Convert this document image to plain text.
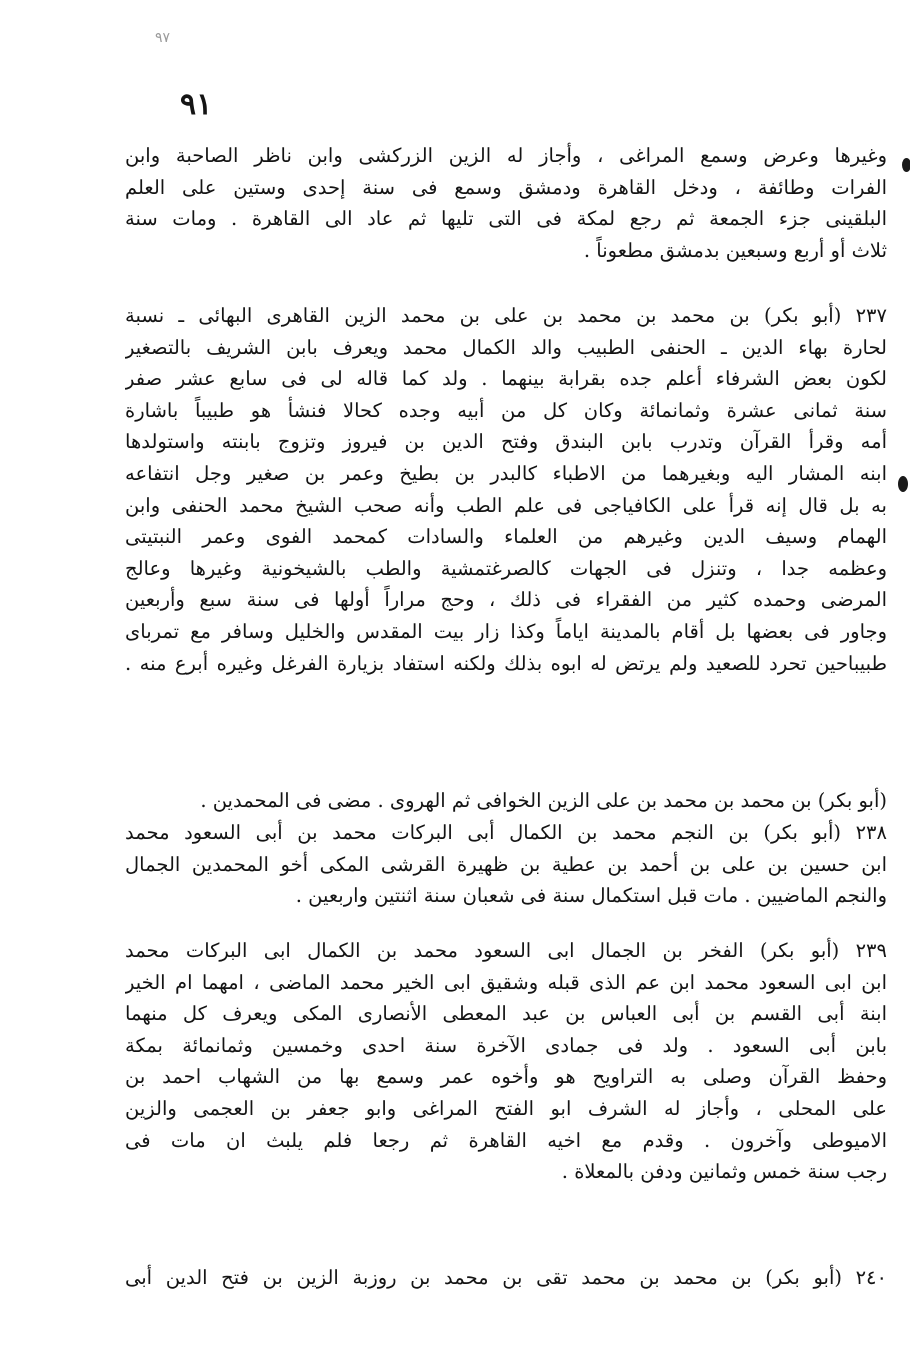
٩٧
٩١
وغيرها وعرض وسمع المراغى ، وأجاز له الزين الزركشى وابن ناظر الصاحبة وابن
الفرات وطائفة ، ودخل القاهرة ودمشق وسمع فى سنة إحدى وستين على العلم
البلقينى جزء الجمعة ثم رجع لمكة فى التى تليها ثم عاد الى القاهرة . ومات سنة
ثلاث أو أربع وسبعين بدمشق مطعوناً .
٢٣٧ (أبو بكر) بن محمد بن محمد بن على بن محمد الزين القاهرى البهائى ـ نسبة
لحارة بهاء الدين ـ الحنفى الطبيب والد الكمال محمد ويعرف بابن الشريف بالتصغير
لكون بعض الشرفاء أعلم جده بقرابة بينهما . ولد كما قاله لى فى سابع عشر صفر
سنة ثمانى عشرة وثمانمائة وكان كل من أبيه وجده كحالا فنشأ هو طبيباً باشارة
أمه وقرأ القرآن وتدرب بابن البندق وفتح الدين بن فيروز وتزوج بابنته واستولدها
ابنه المشار اليه وبغيرهما من الاطباء كالبدر بن بطيخ وعمر بن صغير وجل انتفاعه
به بل قال إنه قرأ على الكافياجى فى علم الطب وأنه صحب الشيخ محمد الحنفى وابن
الهمام وسيف الدين وغيرهم من العلماء والسادات كمحمد الفوى وعمر النبتيتى
وعظمه جدا ، وتنزل فى الجهات كالصرغتمشية والطب بالشيخونية وغيرها وعالج
المرضى وحمده كثير من الفقراء فى ذلك ، وحج مراراً أولها فى سنة سبع وأربعين
وجاور فى بعضها بل أقام بالمدينة اياماً وكذا زار بيت المقدس والخليل وسافر مع تمرباى
طبيباحين تحرد للصعيد ولم يرتض له ابوه بذلك ولكنه استفاد بزيارة الفرغل وغيره أبرع منه .
(أبو بكر) بن محمد بن محمد بن على الزين الخوافى ثم الهروى . مضى فى المحمدين .
٢٣٨ (أبو بكر) بن النجم محمد بن الكمال أبى البركات محمد بن أبى السعود محمد
ابن حسين بن على بن أحمد بن عطية بن ظهيرة القرشى المكى أخو المحمدين الجمال
والنجم الماضيين . مات قبل استكمال سنة فى شعبان سنة اثنتين واربعين .
٢٣٩ (أبو بكر) الفخر بن الجمال ابى السعود محمد بن الكمال ابى البركات محمد
ابن ابى السعود محمد ابن عم الذى قبله وشقيق ابى الخير محمد الماضى ، امهما ام الخير
ابنة أبى القسم بن أبى العباس بن عبد المعطى الأنصارى المكى ويعرف كل منهما
بابن أبى السعود . ولد فى جمادى الآخرة سنة احدى وخمسين وثمانمائة بمكة
وحفظ القرآن وصلى به التراويح هو وأخوه عمر وسمع بها من الشهاب احمد بن
على المحلى ، وأجاز له الشرف ابو الفتح المراغى وابو جعفر بن العجمى والزين
الاميوطى وآخرون . وقدم مع اخيه القاهرة ثم رجعا فلم يلبث ان مات فى
رجب سنة خمس وثمانين ودفن بالمعلاة .
٢٤٠ (أبو بكر) بن محمد بن محمد تقى بن محمد بن روزبة الزين بن فتح الدين أبى
